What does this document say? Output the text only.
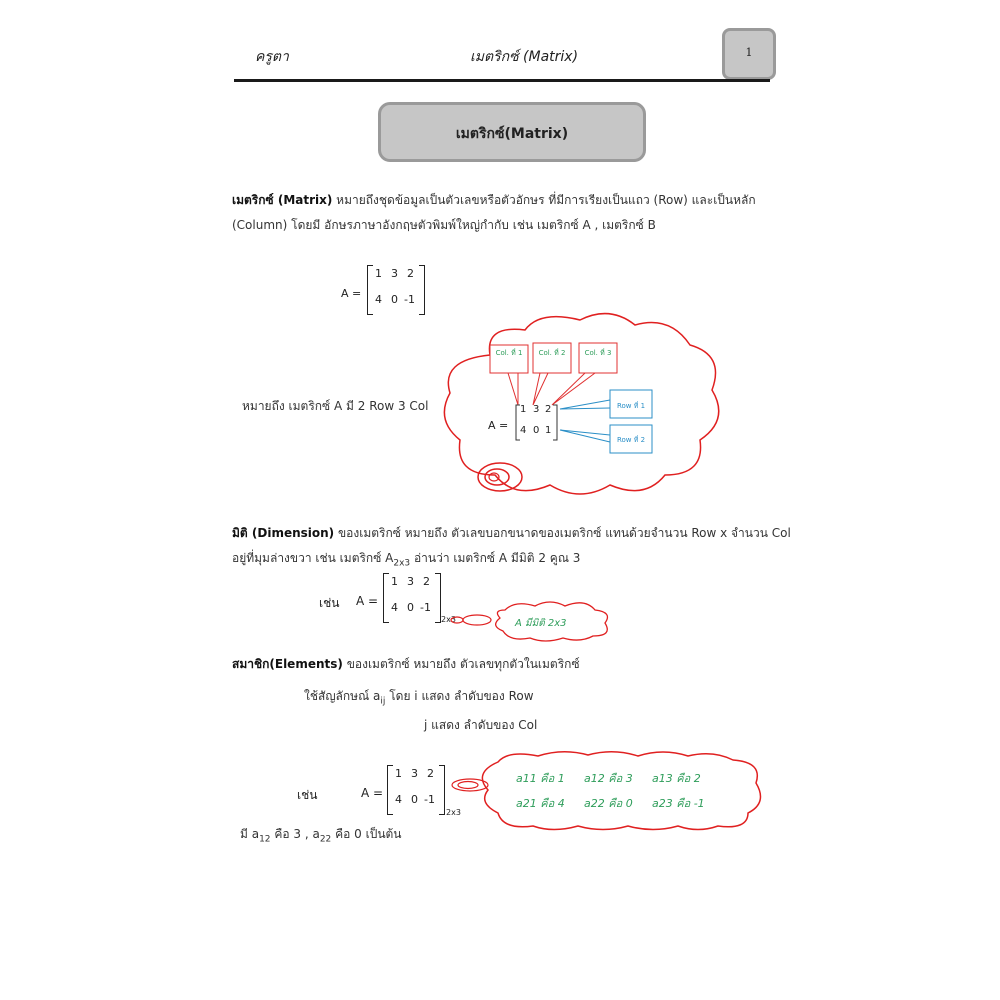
ครูตา	เมตริกซ์ (Matrix)	1
เมตริกซ์(Matrix)
เมตริกซ์ (Matrix) หมายถึงชุดข้อมูลเป็นตัวเลขหรือตัวอักษร ที่มีการเรียงเป็นแถว (Row) และเป็นหลัก
(Column) โดยมี อักษรภาษาอังกฤษตัวพิมพ์ใหญ่กำกับ เช่น เมตริกซ์ A , เมตริกซ์ B
A =
1 3 2
4 0 -1
หมายถึง เมตริกซ์ A มี 2 Row 3 Col
A =
Col. ที่ 1	Col. ที่ 2	Col. ที่ 3
Row ที่ 1
Row ที่ 2
1 3 2
4 0 1
มิติ (Dimension) ของเมตริกซ์ หมายถึง ตัวเลขบอกขนาดของเมตริกซ์ แทนด้วยจำนวน Row x จำนวน Col
อยู่ที่มุมล่างขวา เช่น เมตริกซ์ $A_{2x3}$ อ่านว่า เมตริกซ์ A มีมิติ 2 คูณ 3
เช่น A =
1 3 2
4 0 -1
2x3	A มีมิติ 2x3
สมาชิก(Elements) ของเมตริกซ์ หมายถึง ตัวเลขทุกตัวในเมตริกซ์
ใช้สัญลักษณ์ $a_{ij}$ โดย i แสดง ลำดับของ Row
j แสดง ลำดับของ Col
เช่น	A =
1 3 2
4 0 -1
2x3
a11 คือ 1 a12 คือ 3 a13 คือ 2
a21 คือ 4 a22 คือ 0 a23 คือ -1
มี $a_{12}$ คือ 3 , $a_{22}$ คือ 0 เป็นต้น
